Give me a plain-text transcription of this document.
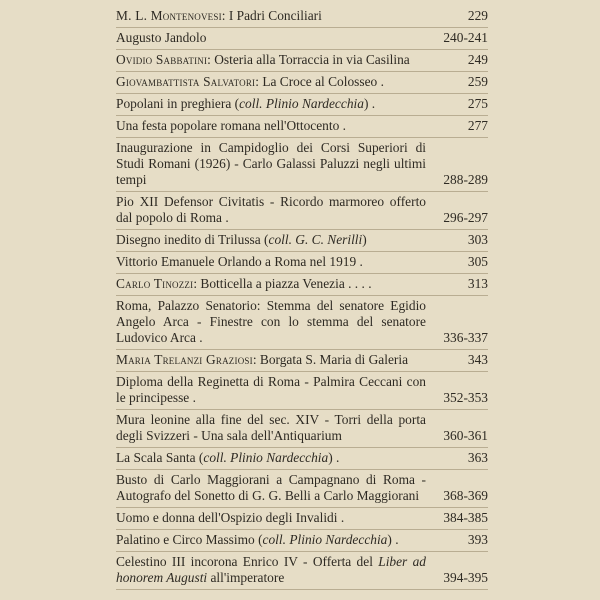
M. L. Montenovesi: I Padri Conciliari	229
Augusto Jandolo	240-241
Ovidio Sabbatini: Osteria alla Torraccia in via Casilina	249
Giovambattista Salvatori: La Croce al Colosseo .	259
Popolani in preghiera (coll. Plinio Nardecchia) .	275
Una festa popolare romana nell'Ottocento .	277
Inaugurazione in Campidoglio dei Corsi Superiori di Studi Romani (1926) - Carlo Galassi Paluzzi negli ultimi tempi	288-289
Pio XII Defensor Civitatis - Ricordo marmoreo offerto dal popolo di Roma .	296-297
Disegno inedito di Trilussa (coll. G. C. Nerilli)	303
Vittorio Emanuele Orlando a Roma nel 1919 .	305
Carlo Tinozzi: Botticella a piazza Venezia . . . .	313
Roma, Palazzo Senatorio: Stemma del senatore Egidio Angelo Arca - Finestre con lo stemma del senatore Ludovico Arca .	336-337
Maria Trelanzi Graziosi: Borgata S. Maria di Galeria	343
Diploma della Reginetta di Roma - Palmira Ceccani con le principesse .	352-353
Mura leonine alla fine del sec. XIV - Torri della porta degli Svizzeri - Una sala dell'Antiquarium	360-361
La Scala Santa (coll. Plinio Nardecchia) .	363
Busto di Carlo Maggiorani a Campagnano di Roma - Autografo del Sonetto di G. G. Belli a Carlo Maggiorani	368-369
Uomo e donna dell'Ospizio degli Invalidi .	384-385
Palatino e Circo Massimo (coll. Plinio Nardecchia) .	393
Celestino III incorona Enrico IV - Offerta del Liber ad honorem Augusti all'imperatore	394-395
